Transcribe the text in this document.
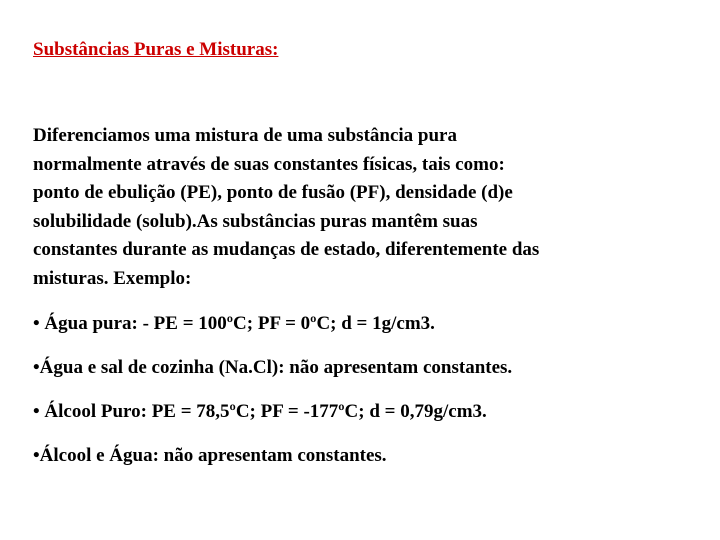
Substâncias Puras e Misturas:
Diferenciamos uma mistura de uma substância pura
normalmente através de suas constantes físicas, tais como:
ponto de ebulição (PE), ponto de fusão (PF), densidade (d)e
solubilidade (solub).As substâncias puras mantêm suas
constantes durante as mudanças de estado, diferentemente das
misturas. Exemplo:
• Água pura: - PE = 100ºC; PF = 0ºC; d = 1g/cm3.
•Água e sal de cozinha (Na.Cl): não apresentam constantes.
• Álcool Puro: PE = 78,5ºC; PF = -177ºC; d = 0,79g/cm3.
•Álcool e Água: não apresentam constantes.
